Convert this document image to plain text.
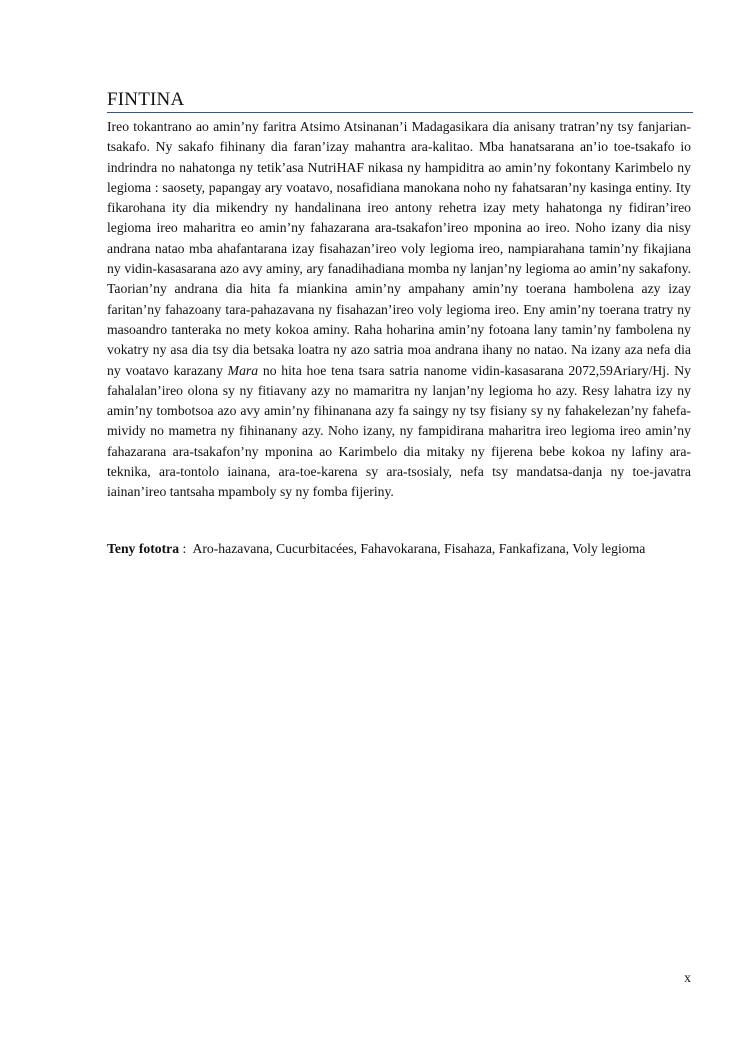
FINTINA

Ireo tokantrano ao amin’ny faritra Atsimo Atsinanan’i Madagasikara dia anisany tratran’ny tsy fanjarian-tsakafo. Ny sakafo fihinany dia faran’izay mahantra ara-kalitao. Mba hanatsarana an’io toe-tsakafo io indrindra no nahatonga ny tetik’asa NutriHAF nikasa ny hampiditra ao amin’ny fokontany Karimbelo ny legioma : saosety, papangay ary voatavo, nosafidiana manokana noho ny fahatsaran’ny kasinga entiny. Ity fikarohana ity dia mikendry ny handalinana ireo antony rehetra izay mety hahatonga ny fidiran’ireo legioma ireo maharitra eo amin’ny fahazarana ara-tsakafon’ireo mponina ao ireo. Noho izany dia nisy andrana natao mba ahafantarana izay fisahazan’ireo voly legioma ireo, nampiarahana tamin’ny fikajiana ny vidin-kasasarana azo avy aminy, ary fanadihadiana momba ny lanjan’ny legioma ao amin’ny sakafony. Taorian’ny andrana dia hita fa miankina amin’ny ampahany amin’ny toerana hambolena azy izay faritan’ny fahazoany tara-pahazavana ny fisahazan’ireo voly legioma ireo. Eny amin’ny toerana tratry ny masoandro tanteraka no mety kokoa aminy. Raha hoharina amin’ny fotoana lany tamin’ny fambolena ny vokatry ny asa dia tsy dia betsaka loatra ny azo satria moa andrana ihany no natao. Na izany aza nefa dia ny voatavo karazany Mara no hita hoe tena tsara satria nanome vidin-kasasarana 2072,59Ariary/Hj. Ny fahalalan’ireo olona sy ny fitiavany azy no mamaritra ny lanjan’ny legioma ho azy. Resy lahatra izy ny amin’ny tombotsoa azo avy amin’ny fihinanana azy fa saingy ny tsy fisiany sy ny fahakelezan’ny fahefa-mividy no mametra ny fihinanany azy. Noho izany, ny fampidirana maharitra ireo legioma ireo amin’ny fahazarana ara-tsakafon’ny mponina ao Karimbelo dia mitaky ny fijerena bebe kokoa ny lafiny ara-teknika, ara-tontolo iainana, ara-toe-karena sy ara-tsosialy, nefa tsy mandatsa-danja ny toe-javatra iainan’ireo tantsaha mpamboly sy ny fomba fijeriny.

Teny fototra :  Aro-hazavana, Cucurbitacées, Fahavokarana, Fisahaza, Fankafizana, Voly legioma

x
